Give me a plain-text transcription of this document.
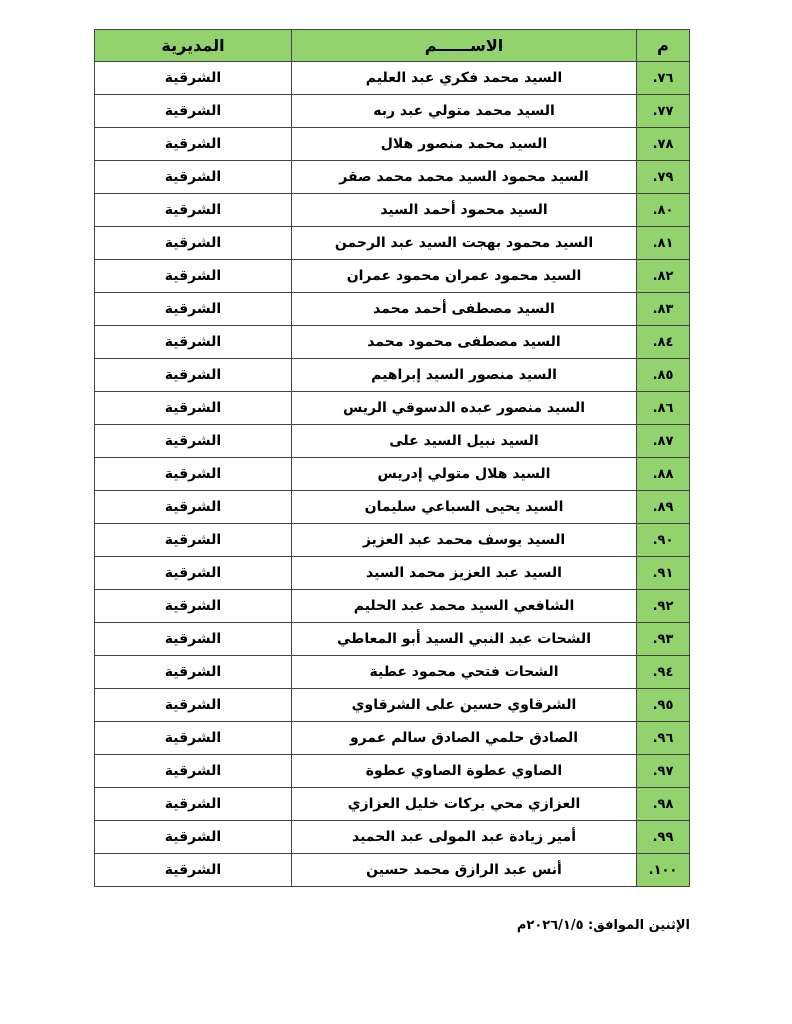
م	الاســــــم	المديرية
٧٦.	السيد محمد فكري عبد العليم	الشرقية
٧٧.	السيد محمد متولي عبد ربه	الشرقية
٧٨.	السيد محمد منصور هلال	الشرقية
٧٩.	السيد محمود السيد محمد محمد صقر	الشرقية
٨٠.	السيد محمود أحمد السيد	الشرقية
٨١.	السيد محمود بهجت السيد عبد الرحمن	الشرقية
٨٢.	السيد محمود عمران محمود عمران	الشرقية
٨٣.	السيد مصطفى أحمد محمد	الشرقية
٨٤.	السيد مصطفى محمود محمد	الشرقية
٨٥.	السيد منصور السيد إبراهيم	الشرقية
٨٦.	السيد منصور عبده الدسوقي الريس	الشرقية
٨٧.	السيد نبيل السيد على	الشرقية
٨٨.	السيد هلال متولي إدريس	الشرقية
٨٩.	السيد يحيى السباعي سليمان	الشرقية
٩٠.	السيد يوسف محمد عبد العزيز	الشرقية
٩١.	السيد عبد العزيز محمد السيد	الشرقية
٩٢.	الشافعي السيد محمد عبد الحليم	الشرقية
٩٣.	الشحات عبد النبي السيد أبو المعاطي	الشرقية
٩٤.	الشحات فتحي محمود عطية	الشرقية
٩٥.	الشرقاوي حسين على الشرقاوي	الشرقية
٩٦.	الصادق حلمي الصادق سالم عمرو	الشرقية
٩٧.	الصاوي عطوة الصاوي عطوة	الشرقية
٩٨.	العزازي محي بركات خليل العزازي	الشرقية
٩٩.	أمير زيادة عبد المولى عبد الحميد	الشرقية
١٠٠.	أنس عبد الرازق محمد حسين	الشرقية
الإثنين الموافق: ٢٠٢٦/١/٥م
